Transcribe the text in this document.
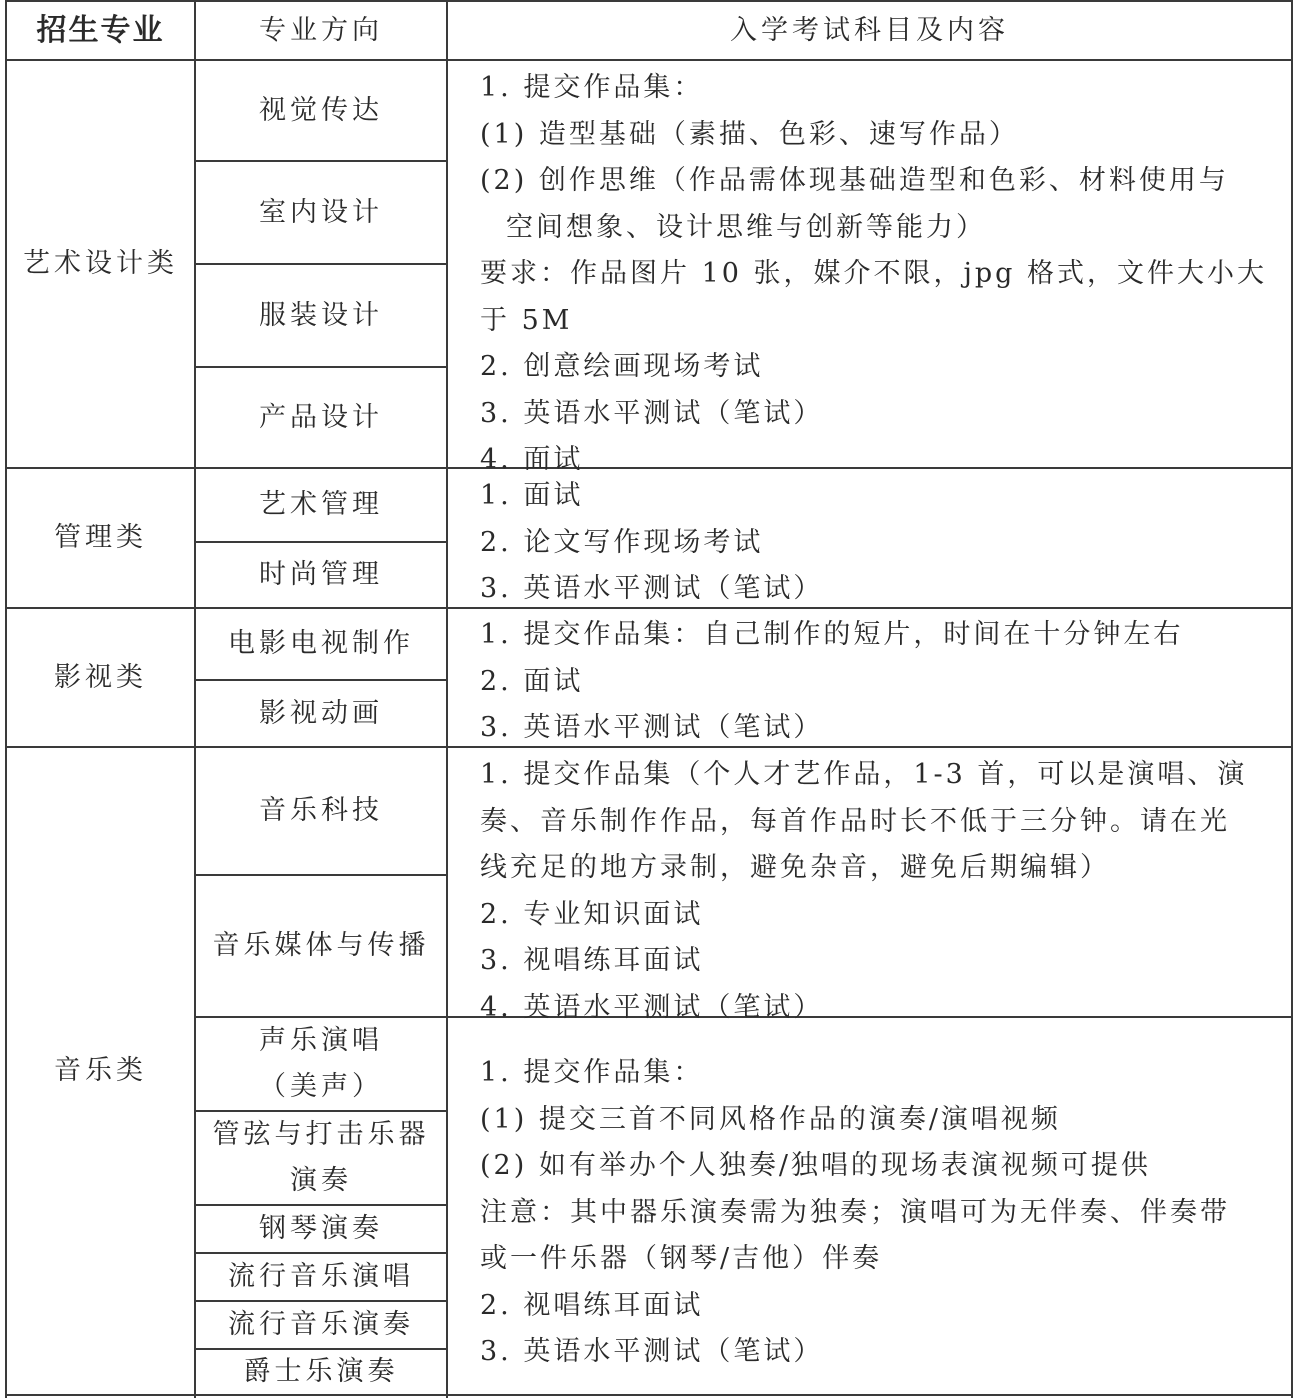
招生专业	专业方向	入学考试科目及内容
艺术设计类
管理类
影视类
音乐类
视觉传达
室内设计
服装设计
产品设计
艺术管理
时尚管理
电影电视制作
影视动画
音乐科技
音乐媒体与传播
声乐演唱
（美声）
管弦与打击乐器
演奏
钢琴演奏
流行音乐演唱
流行音乐演奏
爵士乐演奏

1. 提交作品集：

(1) 造型基础（素描、色彩、速写作品）

(2) 创作思维（作品需体现基础造型和色彩、材料使用与

空间想象、设计思维与创新等能力）

要求：作品图片 10 张，媒介不限，jpg 格式，文件大小大

于 5M

2. 创意绘画现场考试

3. 英语水平测试（笔试）

4. 面试

1. 面试

2. 论文写作现场考试

3. 英语水平测试（笔试）

1. 提交作品集：自己制作的短片，时间在十分钟左右

2. 面试

3. 英语水平测试（笔试）

1. 提交作品集（个人才艺作品，1-3 首，可以是演唱、演

奏、音乐制作作品，每首作品时长不低于三分钟。请在光

线充足的地方录制，避免杂音，避免后期编辑）

2. 专业知识面试

3. 视唱练耳面试

4. 英语水平测试（笔试）

1. 提交作品集：

(1) 提交三首不同风格作品的演奏/演唱视频

(2) 如有举办个人独奏/独唱的现场表演视频可提供

注意：其中器乐演奏需为独奏；演唱可为无伴奏、伴奏带

或一件乐器（钢琴/吉他）伴奏

2. 视唱练耳面试

3. 英语水平测试（笔试）
